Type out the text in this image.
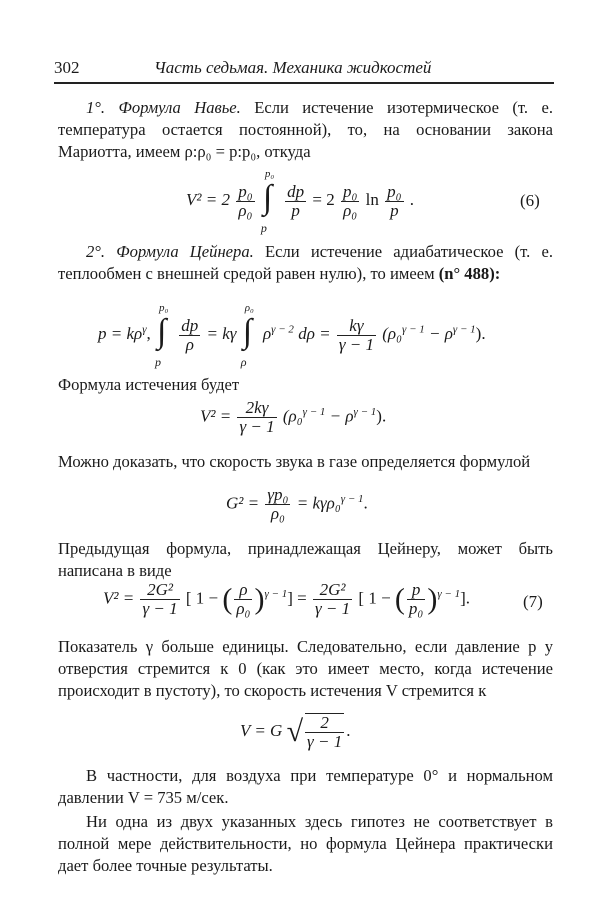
302	Часть седьмая. Механика жидкостей

1°. Формула Навье. Если истечение изотермическое (т. е. температура остается постоянной), то, на основании закона Мариотта, имеем ρ:ρ₀ = p:p₀, откуда

$V^2 = 2 \frac{\text{p₀}}{\text{ρ₀}}$

p₀
∫
p

$\frac{dp}{p} = 2 \frac{\text{p₀}}{\text{ρ₀}}$ $\ln \frac{\text{p₀}}{p}$ .	(6)

2°. Формула Цейнера. Если истечение адиабатическое (т. е. теплообмен с внешней средой равен нулю), то имеем (n° 488):

$p = k\rho^\gamma$,
p₀
∫
p

$\frac{dp}{\rho} = k\gamma$
ρ₀
∫
ρ
$\rho^{\gamma - 2}$ $d\rho = \frac{k\gamma}{\gamma - 1} (\rho_0^{\gamma - 1} - \rho^{\gamma - 1})$.

Формула истечения будет

$V^2 = \frac{2k\gamma}{\gamma - 1} (\rho_0^{\gamma - 1} - \rho^{\gamma - 1})$.

Можно доказать, что скорость звука в газе определяется формулой

$G^2 = \frac{\text{γp₀}}{\text{ρ₀}} = k\gamma\rho_0^{\gamma - 1}$.

Предыдущая формула, принадлежащая Цейнеру, может быть написана в виде

$V^2 = \frac{\text{2G²}}{\gamma - 1}$ [ 1 − ( $\frac{\rho}{\text{ρ₀}} )^{\gamma - 1}] = \frac{\text{2G²}}{\gamma - 1}$ [ 1 − ( $\frac{p}{\text{p₀}} )^{\gamma - 1}$].	(7)

Показатель γ больше единицы. Следовательно, если давление p у отверстия стремится к 0 (как это имеет место, когда истечение происходит в пустоту), то скорость истечения V стремится к

V = G √ $\frac{2}{\gamma - 1}$ .

В частности, для воздуха при температуре 0° и нормальном давлении V = 735 м/сек.

Ни одна из двух указанных здесь гипотез не соответствует в полной мере действительности, но формула Цейнера практически дает более точные результаты.
